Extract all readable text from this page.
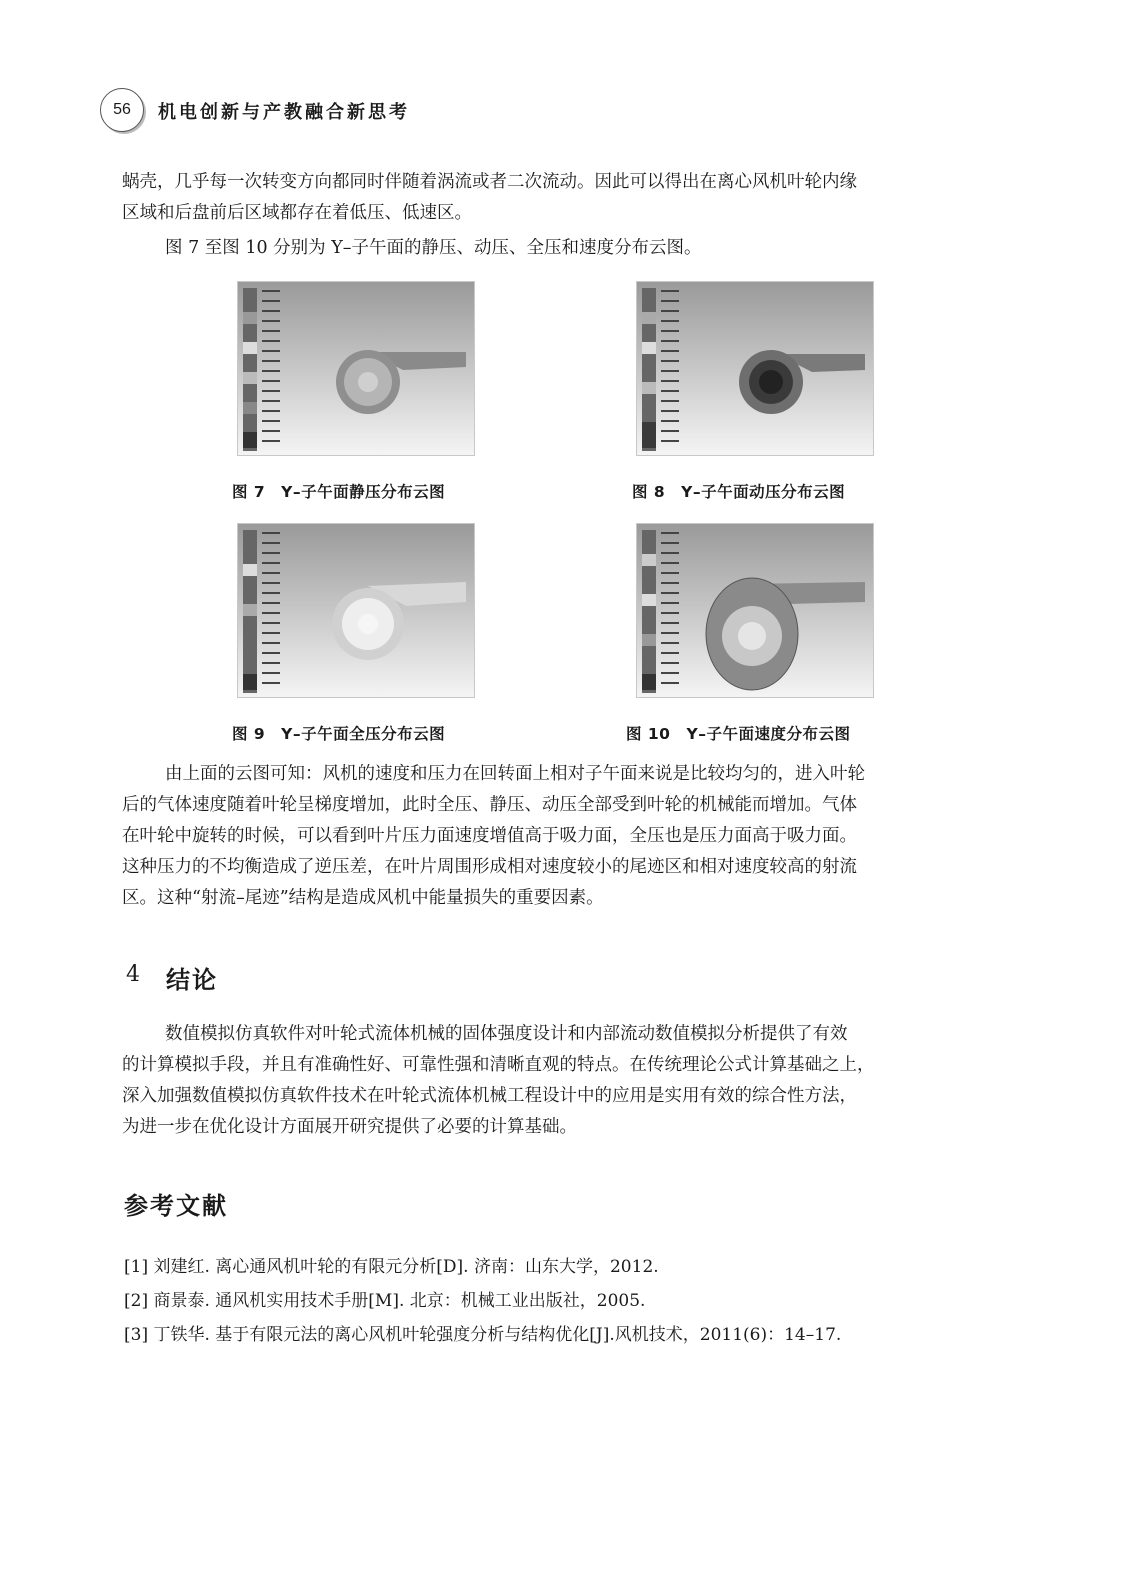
56	机电创新与产教融合新思考
蜗壳，几乎每一次转变方向都同时伴随着涡流或者二次流动。因此可以得出在离心风机叶轮内缘
区域和后盘前后区域都存在着低压、低速区。
图 7 至图 10 分别为 Y–子午面的静压、动压、全压和速度分布云图。
图 7　Y–子午面静压分布云图	图 8　Y–子午面动压分布云图
图 9　Y–子午面全压分布云图	图 10　Y–子午面速度分布云图
由上面的云图可知：风机的速度和压力在回转面上相对子午面来说是比较均匀的，进入叶轮
后的气体速度随着叶轮呈梯度增加，此时全压、静压、动压全部受到叶轮的机械能而增加。气体
在叶轮中旋转的时候，可以看到叶片压力面速度增值高于吸力面，全压也是压力面高于吸力面。
这种压力的不均衡造成了逆压差，在叶片周围形成相对速度较小的尾迹区和相对速度较高的射流
区。这种“射流–尾迹”结构是造成风机中能量损失的重要因素。
4 结论
数值模拟仿真软件对叶轮式流体机械的固体强度设计和内部流动数值模拟分析提供了有效
的计算模拟手段，并且有准确性好、可靠性强和清晰直观的特点。在传统理论公式计算基础之上，
深入加强数值模拟仿真软件技术在叶轮式流体机械工程设计中的应用是实用有效的综合性方法，
为进一步在优化设计方面展开研究提供了必要的计算基础。
参考文献
[1] 刘建红. 离心通风机叶轮的有限元分析[D]. 济南：山东大学，2012.
[2] 商景泰. 通风机实用技术手册[M]. 北京：机械工业出版社，2005.
[3] 丁铁华. 基于有限元法的离心风机叶轮强度分析与结构优化[J].风机技术，2011(6)：14–17.
